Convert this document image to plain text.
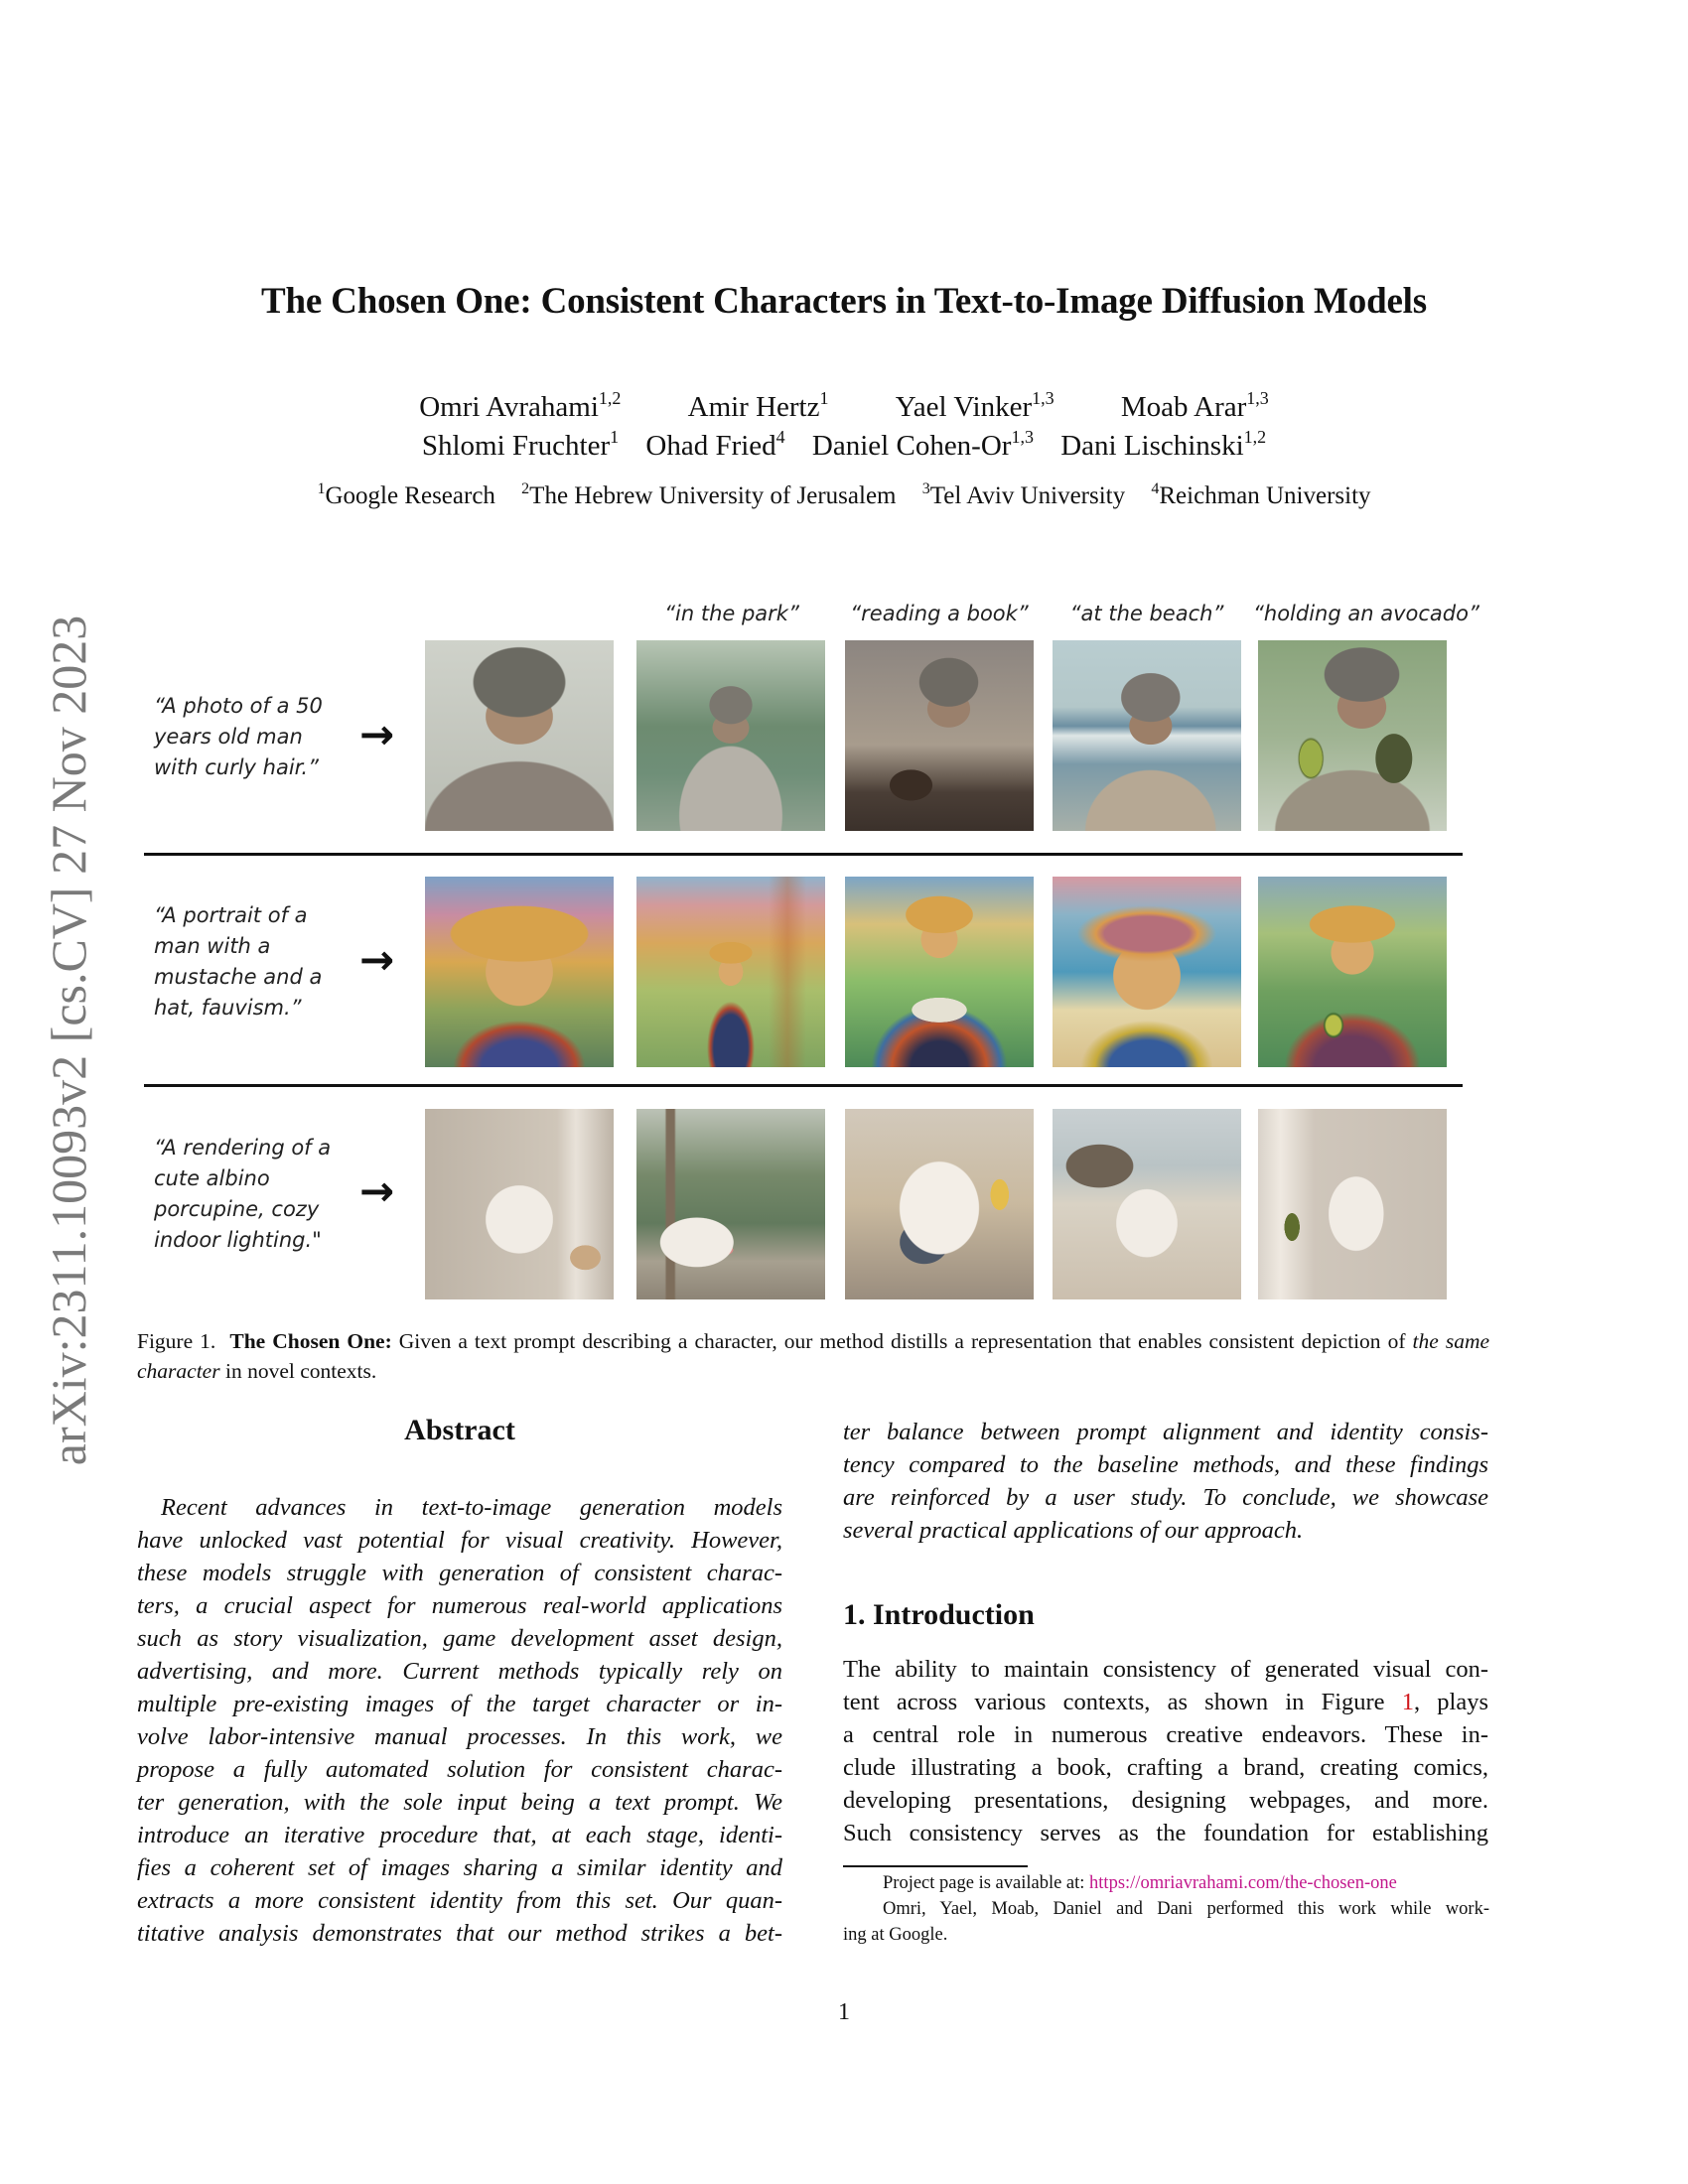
arXiv:2311.10093v2 [cs.CV] 27 Nov 2023
The Chosen One: Consistent Characters in Text-to-Image Diffusion Models
Omri Avrahami$^{1,2}$ Amir Hertz$^1$ Yael Vinker$^{1,3}$ Moab Arar$^{1,3}$
Shlomi Fruchter$^1$ Ohad Fried$^4$ Daniel Cohen-Or$^{1,3}$ Dani Lischinski$^{1,2}$
$^1$Google Research $^2$The Hebrew University of Jerusalem $^3$Tel Aviv University $^4$Reichman University
“in the park”	“reading a book”	“at the beach”	“holding an avocado”
“A photo of a 50
years old man
with curly hair.”
→
“A portrait of a
man with a
mustache and a
hat, fauvism.”
→
“A rendering of a
cute albino
porcupine, cozy
indoor lighting."
→
Figure 1. The Chosen One: Given a text prompt describing a character, our method distills a representation that enables consistent depiction of the same character in novel contexts.
Abstract
Recent advances in text-to-image generation models
have unlocked vast potential for visual creativity. However,
these models struggle with generation of consistent charac-
ters, a crucial aspect for numerous real-world applications
such as story visualization, game development asset design,
advertising, and more. Current methods typically rely on
multiple pre-existing images of the target character or in-
volve labor-intensive manual processes. In this work, we
propose a fully automated solution for consistent charac-
ter generation, with the sole input being a text prompt. We
introduce an iterative procedure that, at each stage, identi-
fies a coherent set of images sharing a similar identity and
extracts a more consistent identity from this set. Our quan-
titative analysis demonstrates that our method strikes a bet-
ter balance between prompt alignment and identity consis-
tency compared to the baseline methods, and these findings
are reinforced by a user study. To conclude, we showcase
several practical applications of our approach.
1. Introduction
The ability to maintain consistency of generated visual con-
tent across various contexts, as shown in Figure 1, plays
a central role in numerous creative endeavors. These in-
clude illustrating a book, crafting a brand, creating comics,
developing presentations, designing webpages, and more.
Such consistency serves as the foundation for establishing
Project page is available at: https://omriavrahami.com/the-chosen-one
Omri, Yael, Moab, Daniel and Dani performed this work while work-
ing at Google.
1
